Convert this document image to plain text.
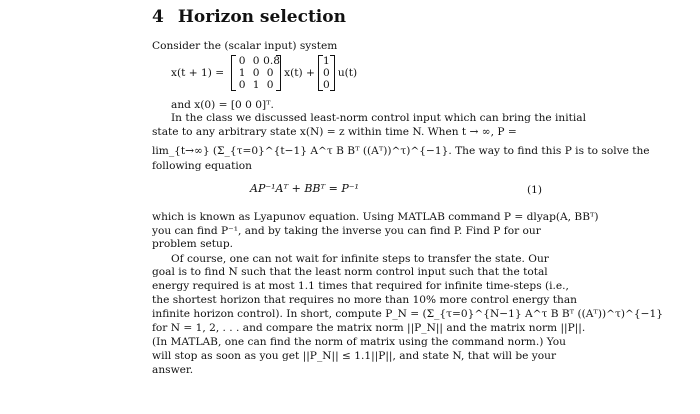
4 Horizon selection
Consider the (scalar input) system
x(t + 1) =
0 0 0.8
1 0 0
0 1 0
x(t) +
1
0
0
u(t)
and x(0) = [0 0 0]ᵀ.
In the class we discussed least-norm control input which can bring the initial
state to any arbitrary state x(N) = z within time N. When t → ∞, P =
lim_{t→∞} (Σ_{τ=0}^{t−1} A^τ B Bᵀ ((Aᵀ))^τ)^{−1}. The way to find this P is to solve the
following equation
AP⁻¹Aᵀ + BBᵀ = P⁻¹	(1)
which is known as Lyapunov equation. Using MATLAB command P = dlyap(A, BBᵀ)
you can find P⁻¹, and by taking the inverse you can find P. Find P for our
problem setup.
Of course, one can not wait for infinite steps to transfer the state. Our
goal is to find N such that the least norm control input such that the total
energy required is at most 1.1 times that required for infinite time-steps (i.e.,
the shortest horizon that requires no more than 10% more control energy than
infinite horizon control). In short, compute P_N = (Σ_{τ=0}^{N−1} A^τ B Bᵀ ((Aᵀ))^τ)^{−1}
for N = 1, 2, . . . and compare the matrix norm ||P_N|| and the matrix norm ||P||.
(In MATLAB, one can find the norm of matrix using the command norm.) You
will stop as soon as you get ||P_N|| ≤ 1.1||P||, and state N, that will be your
answer.
